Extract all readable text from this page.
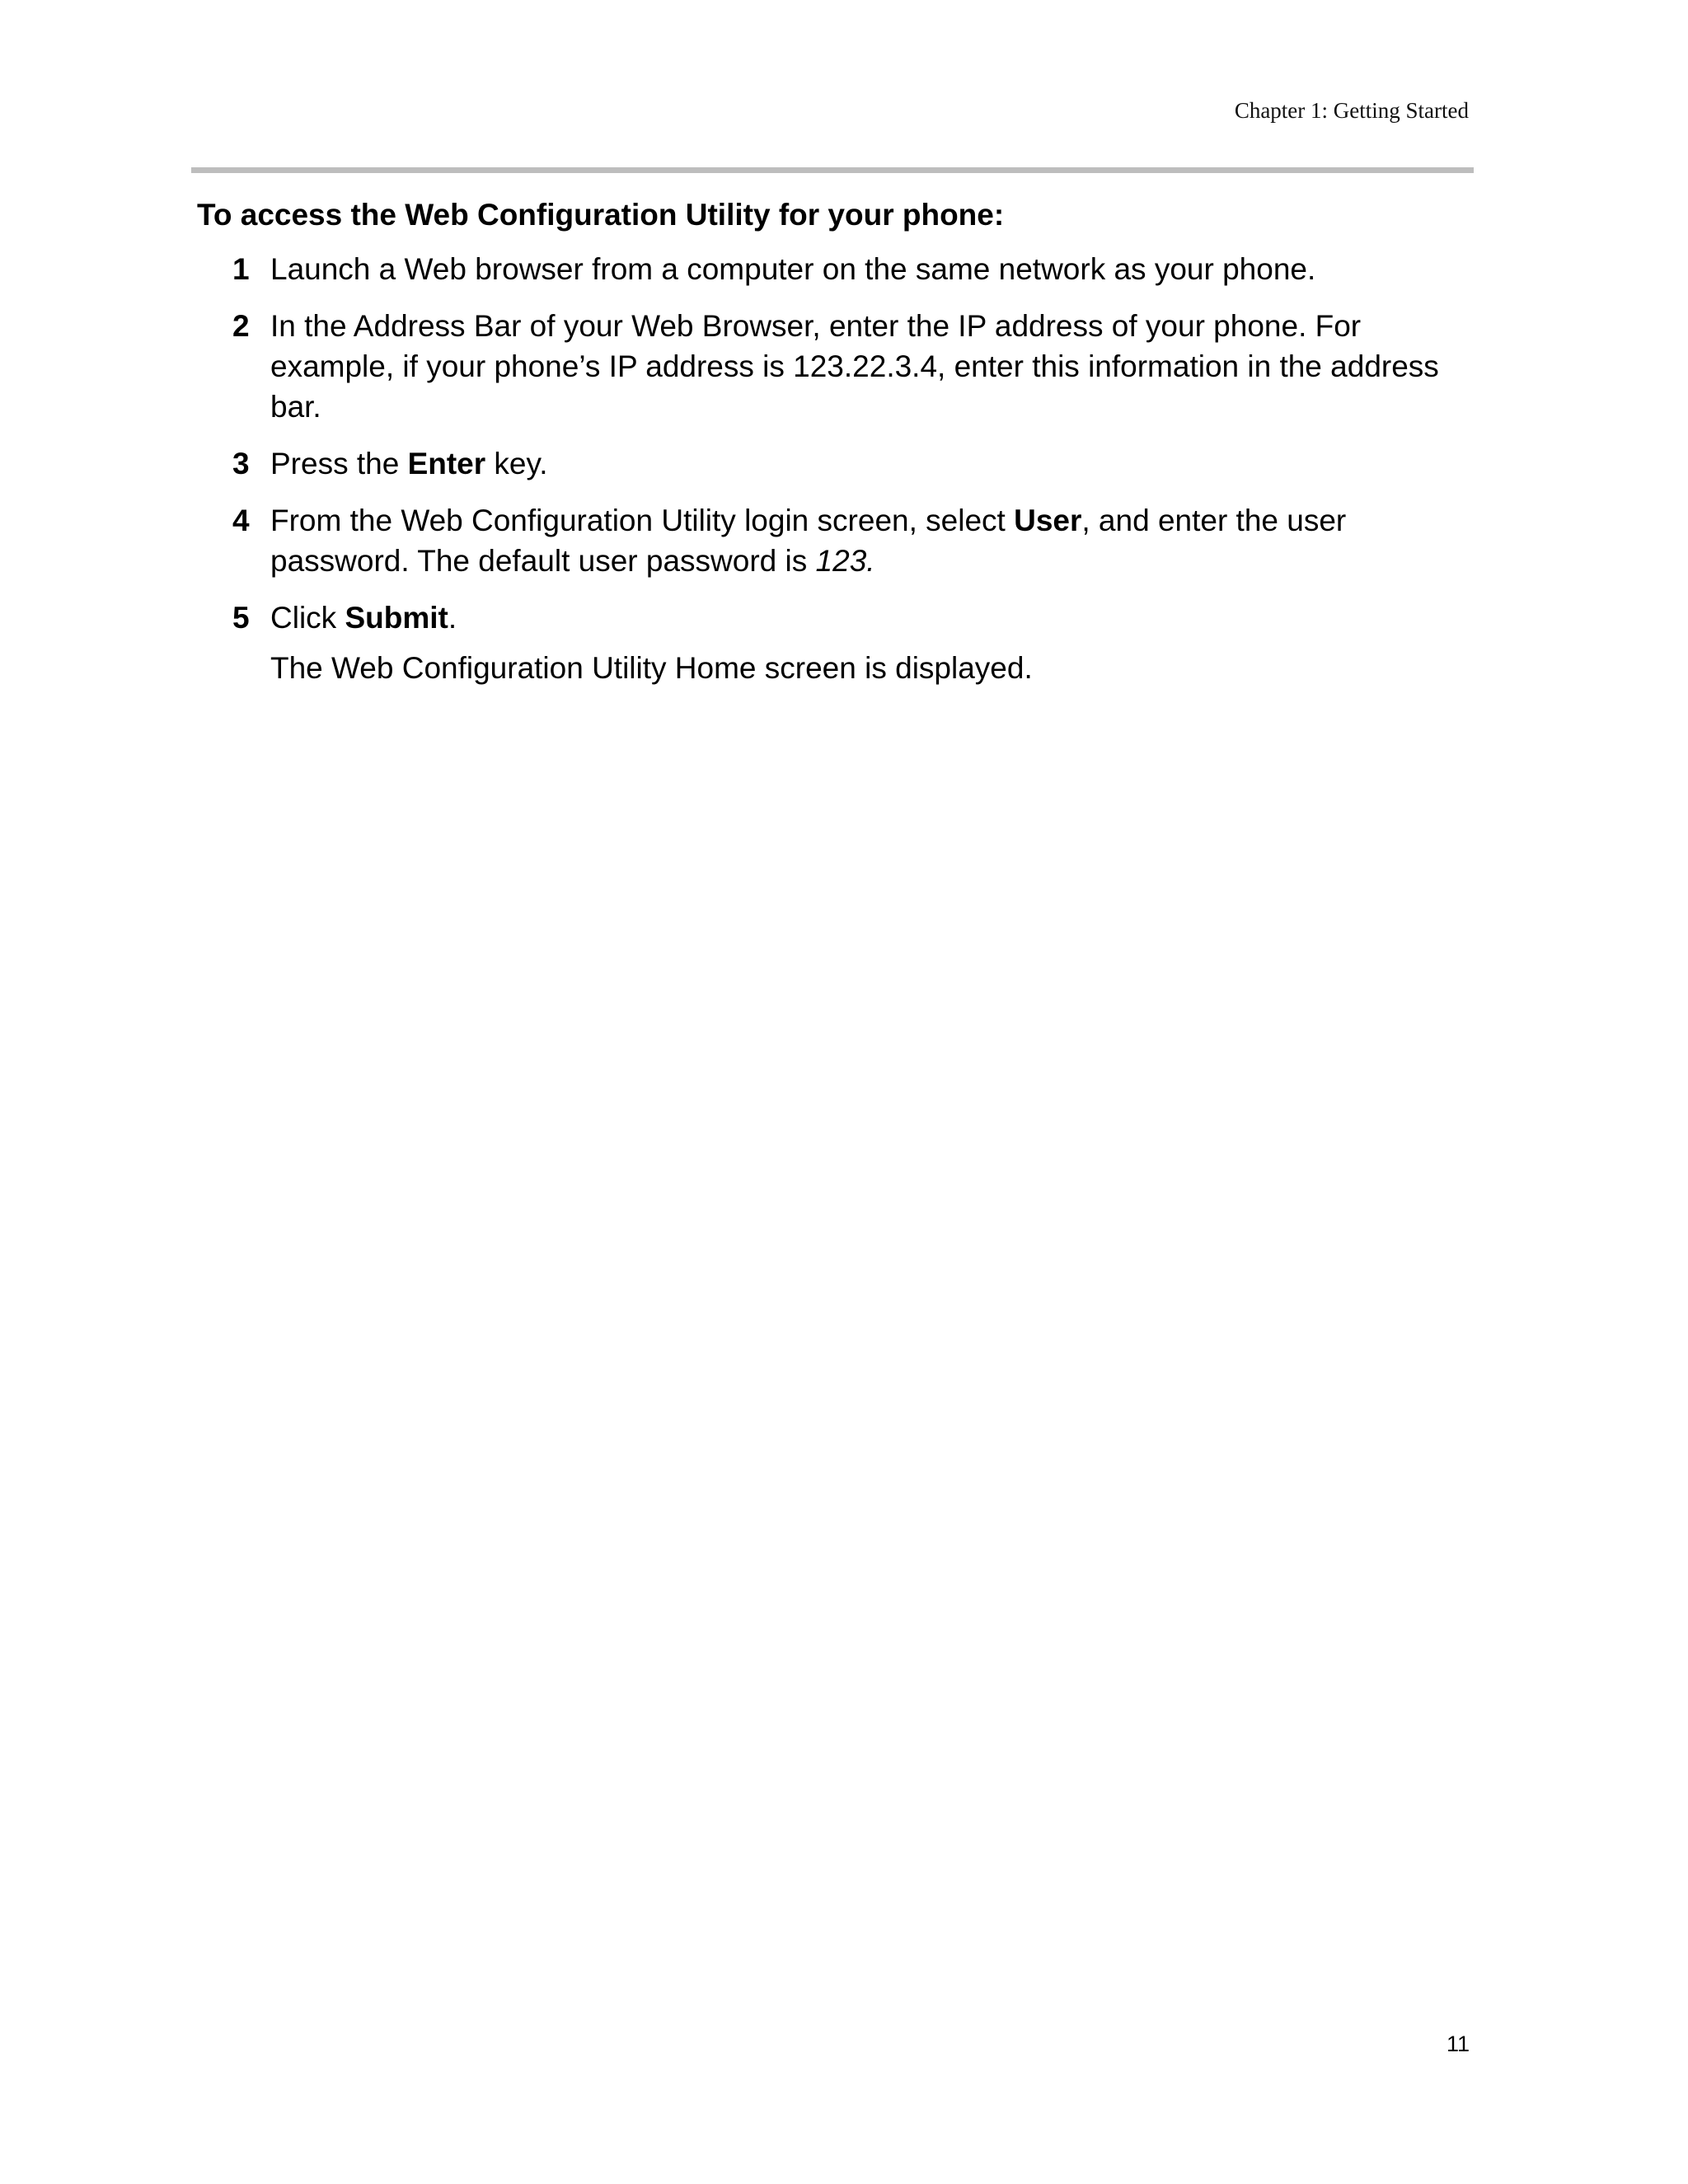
Chapter 1: Getting Started
To access the Web Configuration Utility for your phone:
1 Launch a Web browser from a computer on the same network as your phone.
2 In the Address Bar of your Web Browser, enter the IP address of your phone. For example, if your phone’s IP address is 123.22.3.4, enter this information in the address bar.
3 Press the Enter key.
4 From the Web Configuration Utility login screen, select User, and enter the user password. The default user password is 123.
5 Click Submit.
The Web Configuration Utility Home screen is displayed.
11
